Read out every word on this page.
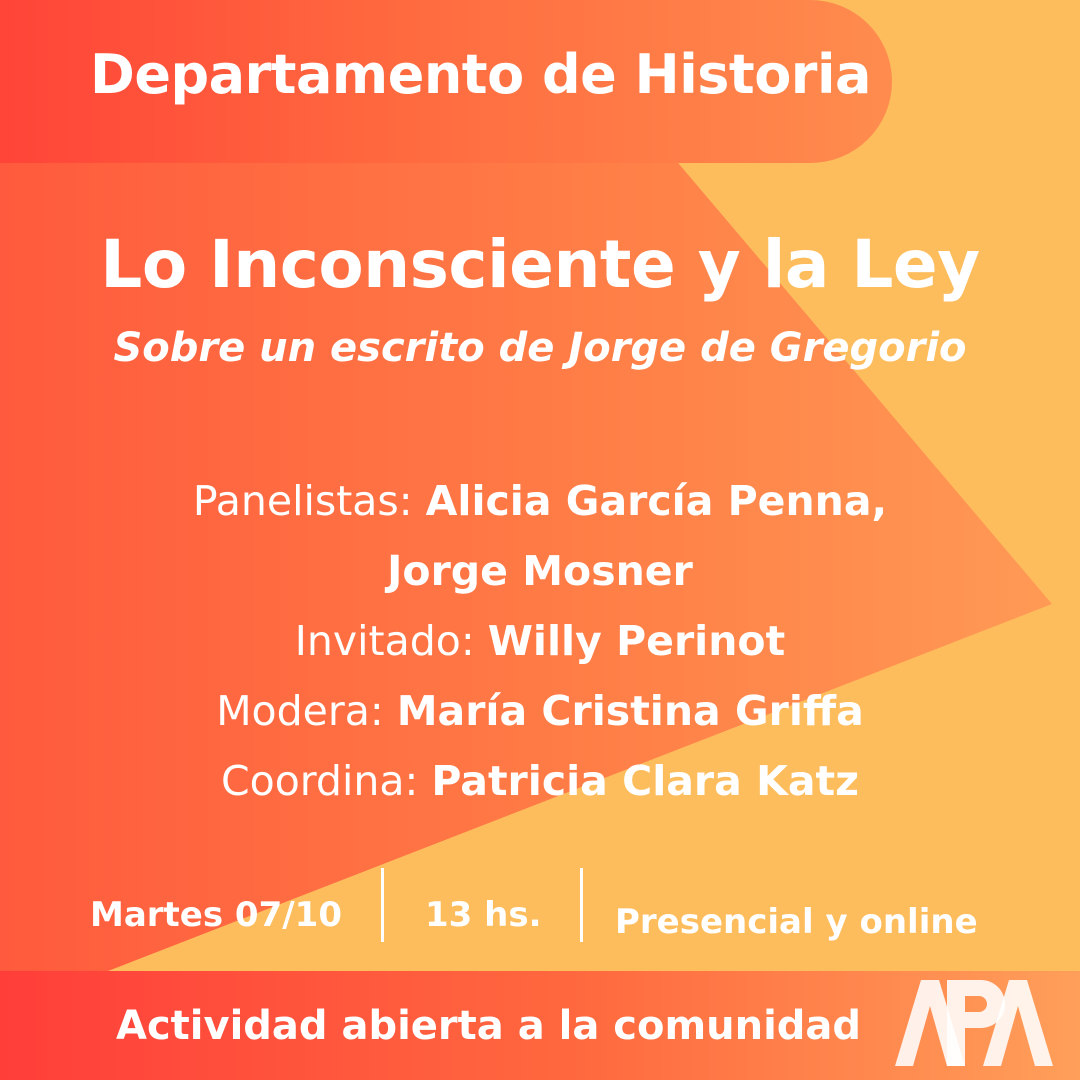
Departamento de Historia
Lo Inconsciente y la Ley
Sobre un escrito de Jorge de Gregorio
Panelistas: Alicia García Penna,
Jorge Mosner
Invitado: Willy Perinot
Modera: María Cristina Griffa
Coordina: Patricia Clara Katz
Martes 07/10 13 hs. Presencial y online
Actividad abierta a la comunidad
